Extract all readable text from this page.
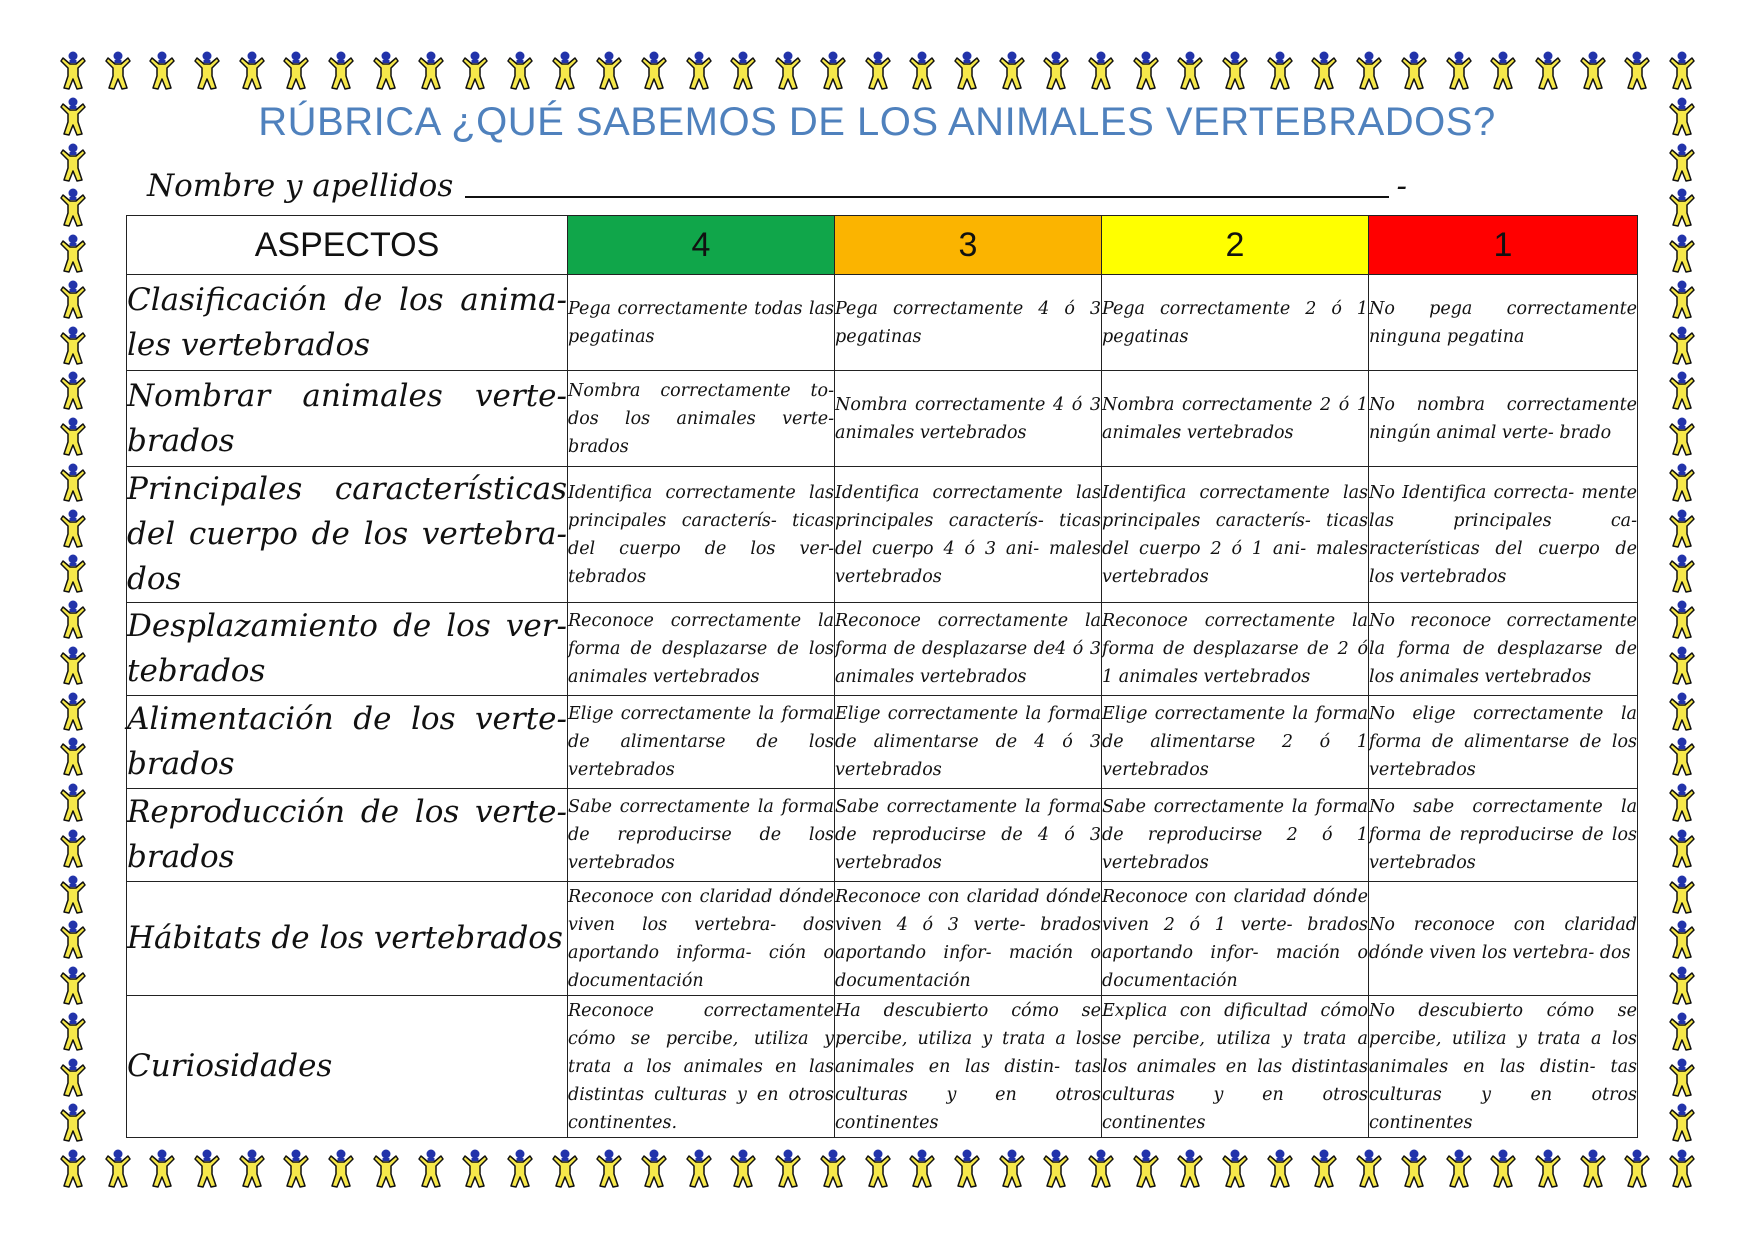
RÚBRICA ¿QUÉ SABEMOS DE LOS ANIMALES VERTEBRADOS?
Nombre y apellidos	-
ASPECTOS	4	3	2	1
Clasificación de los anima- les vertebrados	Pega correctamente todas las pegatinas	Pega correctamente 4 ó 3 pegatinas	Pega correctamente 2 ó 1 pegatinas	No pega correctamente ninguna pegatina
Nombrar animales verte- brados	Nombra correctamente to- dos los animales verte- brados	Nombra correctamente 4 ó 3 animales vertebrados	Nombra correctamente 2 ó 1 animales vertebrados	No nombra correctamente ningún animal verte- brado
Principales características del cuerpo de los vertebra- dos	Identifica correctamente las principales caracterís- ticas del cuerpo de los ver- tebrados	Identifica correctamente las principales caracterís- ticas del cuerpo 4 ó 3 ani- males vertebrados	Identifica correctamente las principales caracterís- ticas del cuerpo 2 ó 1 ani- males vertebrados	No Identifica correcta- mente las principales ca- racterísticas del cuerpo de los vertebrados
Desplazamiento de los ver- tebrados	Reconoce correctamente la forma de desplazarse de los animales vertebrados	Reconoce correctamente la forma de desplazarse de4 ó 3 animales vertebrados	Reconoce correctamente la forma de desplazarse de 2 ó 1 animales vertebrados	No reconoce correctamente la forma de desplazarse de los animales vertebrados
Alimentación de los verte- brados	Elige correctamente la forma de alimentarse de los vertebrados	Elige correctamente la forma de alimentarse de 4 ó 3 vertebrados	Elige correctamente la forma de alimentarse 2 ó 1 vertebrados	No elige correctamente la forma de alimentarse de los vertebrados
Reproducción de los verte- brados	Sabe correctamente la forma de reproducirse de los vertebrados	Sabe correctamente la forma de reproducirse de 4 ó 3 vertebrados	Sabe correctamente la forma de reproducirse 2 ó 1 vertebrados	No sabe correctamente la forma de reproducirse de los vertebrados
Hábitats de los vertebrados	Reconoce con claridad dónde viven los vertebra- dos aportando informa- ción o documentación	Reconoce con claridad dónde viven 4 ó 3 verte- brados aportando infor- mación o documentación	Reconoce con claridad dónde viven 2 ó 1 verte- brados aportando infor- mación o documentación	No reconoce con claridad dónde viven los vertebra- dos
Curiosidades	Reconoce correctamente cómo se percibe, utiliza y trata a los animales en las distintas culturas y en otros continentes.	Ha descubierto cómo se percibe, utiliza y trata a los animales en las distin- tas culturas y en otros continentes	Explica con dificultad cómo se percibe, utiliza y trata a los animales en las distintas culturas y en otros continentes	No descubierto cómo se percibe, utiliza y trata a los animales en las distin- tas culturas y en otros continentes
